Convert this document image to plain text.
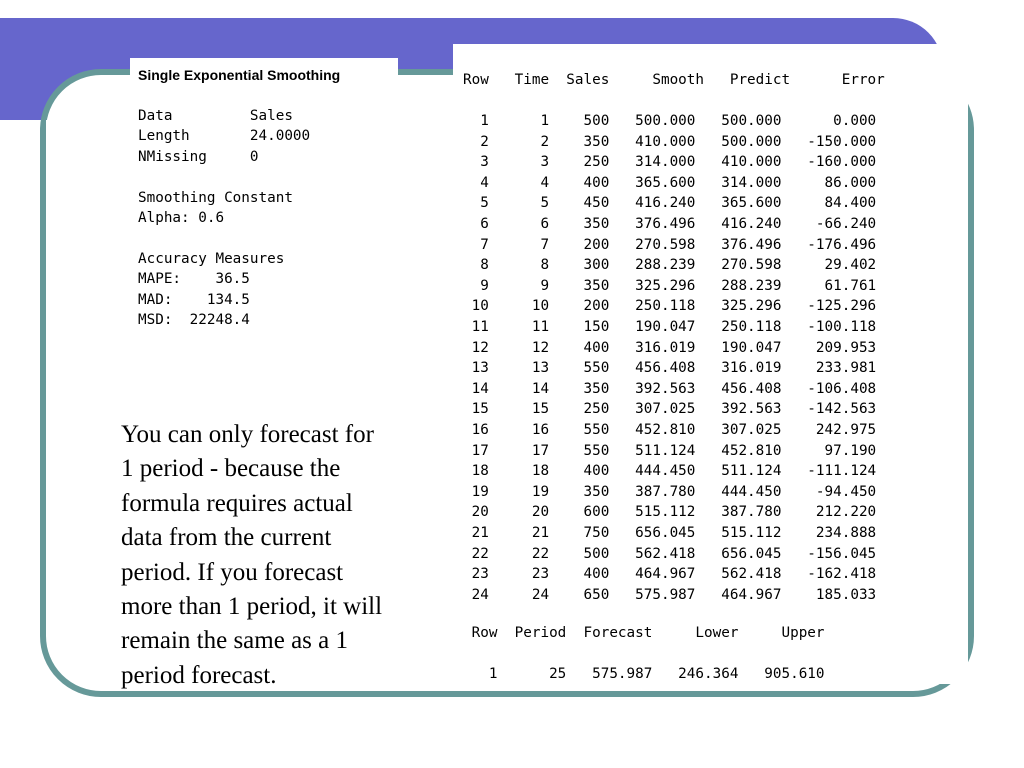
Single Exponential Smoothing
Data         Sales
Length       24.0000
NMissing     0

Smoothing Constant
Alpha: 0.6

Accuracy Measures
MAPE:    36.5
MAD:    134.5
MSD:  22248.4
Row   Time  Sales     Smooth   Predict      Error
1      1    500   500.000   500.000      0.000
2      2    350   410.000   500.000   -150.000
3      3    250   314.000   410.000   -160.000
4      4    400   365.600   314.000     86.000
5      5    450   416.240   365.600     84.400
6      6    350   376.496   416.240    -66.240
7      7    200   270.598   376.496   -176.496
8      8    300   288.239   270.598     29.402
9      9    350   325.296   288.239     61.761
10     10    200   250.118   325.296   -125.296
11     11    150   190.047   250.118   -100.118
12     12    400   316.019   190.047    209.953
13     13    550   456.408   316.019    233.981
14     14    350   392.563   456.408   -106.408
15     15    250   307.025   392.563   -142.563
16     16    550   452.810   307.025    242.975
17     17    550   511.124   452.810     97.190
18     18    400   444.450   511.124   -111.124
19     19    350   387.780   444.450    -94.450
20     20    600   515.112   387.780    212.220
21     21    750   656.045   515.112    234.888
22     22    500   562.418   656.045   -156.045
23     23    400   464.967   562.418   -162.418
24     24    650   575.987   464.967    185.033
Row  Period  Forecast     Lower     Upper
1      25   575.987   246.364   905.610
You can only forecast for 1 period - because the formula requires actual data from the current period. If you forecast more than 1 period, it will remain the same as a 1 period forecast.
